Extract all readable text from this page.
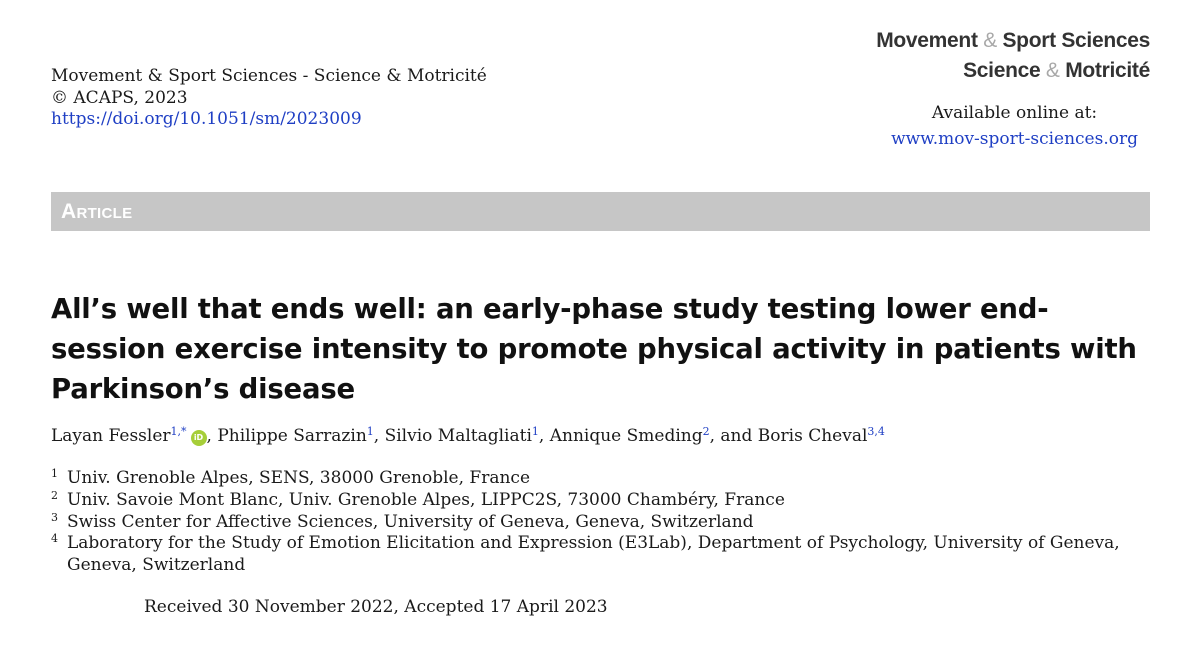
Movement & Sport Sciences - Science & Motricité
© ACAPS, 2023
https://doi.org/10.1051/sm/2023009
Movement & Sport Sciences
Science & Motricité
Available online at:
www.mov-sport-sciences.org
Article
All’s well that ends well: an early-phase study testing lower end-session exercise intensity to promote physical activity in patients with Parkinson’s disease
Layan Fessler$^{1,*}$ iD , Philippe Sarrazin$^1$, Silvio Maltagliati$^1$, Annique Smeding$^2$, and Boris Cheval$^{3,4}$
1 Univ. Grenoble Alpes, SENS, 38000 Grenoble, France
2 Univ. Savoie Mont Blanc, Univ. Grenoble Alpes, LIPPC2S, 73000 Chambéry, France
3 Swiss Center for Affective Sciences, University of Geneva, Geneva, Switzerland
4 Laboratory for the Study of Emotion Elicitation and Expression (E3Lab), Department of Psychology, University of Geneva, Geneva, Switzerland
Received 30 November 2022, Accepted 17 April 2023
